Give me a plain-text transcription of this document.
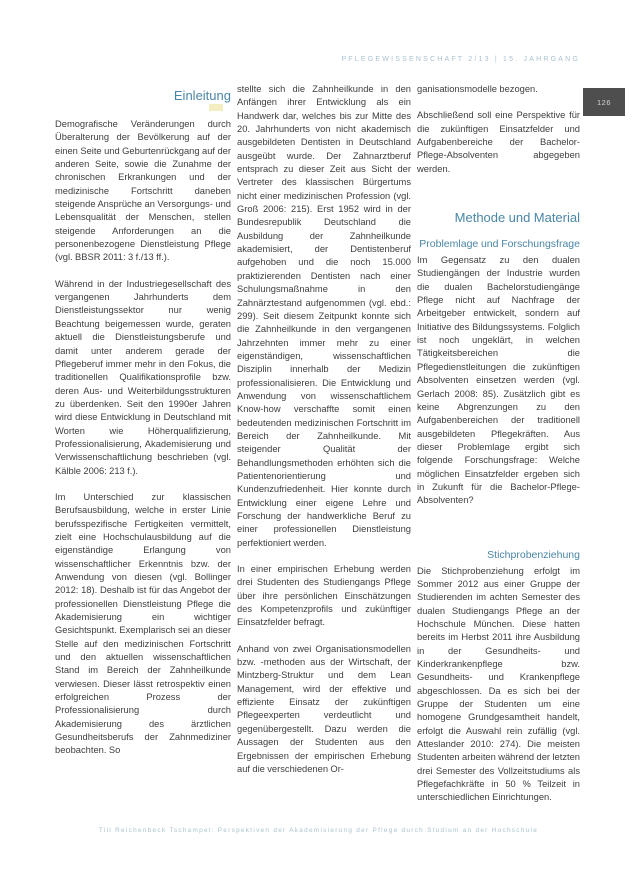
PFLEGEWISSENSCHAFT 2/13 | 15. JAHRGANG
126
Einleitung

Demografische Veränderungen durch Überalterung der Bevölkerung auf der einen Seite und Geburtenrückgang auf der anderen Seite, sowie die Zunahme der chronischen Erkrankungen und der medizinische Fortschritt daneben steigende Ansprüche an Versorgungs- und Lebensqualität der Menschen, stellen steigende Anforderungen an die personenbezogene Dienstleistung Pflege (vgl. BBSR 2011: 3 f./13 ff.).

Während in der Industriegesellschaft des vergangenen Jahrhunderts dem Dienstleistungssektor nur wenig Beachtung beigemessen wurde, geraten aktuell die Dienstleistungsberufe und damit unter anderem gerade der Pflegeberuf immer mehr in den Fokus, die traditionellen Qualifikationsprofile bzw. deren Aus- und Weiterbildungsstrukturen zu überdenken. Seit den 1990er Jahren wird diese Entwicklung in Deutschland mit Worten wie Höherqualifizierung, Professionalisierung, Akademisierung und Verwissenschaftlichung beschrieben (vgl. Kälble 2006: 213 f.).

Im Unterschied zur klassischen Berufsausbildung, welche in erster Linie berufsspezifische Fertigkeiten vermittelt, zielt eine Hochschulausbildung auf die eigenständige Erlangung von wissenschaftlicher Erkenntnis bzw. der Anwendung von diesen (vgl. Bollinger 2012: 18). Deshalb ist für das Angebot der professionellen Dienstleistung Pflege die Akademisierung ein wichtiger Gesichtspunkt. Exemplarisch sei an dieser Stelle auf den medizinischen Fortschritt und den aktuellen wissenschaftlichen Stand im Bereich der Zahnheilkunde verwiesen. Dieser lässt retrospektiv einen erfolgreichen Prozess der Professionalisierung durch Akademisierung des ärztlichen Gesundheitsberufs der Zahnmediziner beobachten. So

stellte sich die Zahnheilkunde in den Anfängen ihrer Entwicklung als ein Handwerk dar, welches bis zur Mitte des 20. Jahrhunderts von nicht akademisch ausgebildeten Dentisten in Deutschland ausgeübt wurde. Der Zahnarztberuf entsprach zu dieser Zeit aus Sicht der Vertreter des klassischen Bürgertums nicht einer medizinischen Profession (vgl. Groß 2006: 215). Erst 1952 wird in der Bundesrepublik Deutschland die Ausbildung der Zahnheilkunde akademisiert, der Dentistenberuf aufgehoben und die noch 15.000 praktizierenden Dentisten nach einer Schulungsmaßnahme in den Zahnärztestand aufgenommen (vgl. ebd.: 299). Seit diesem Zeitpunkt konnte sich die Zahnheilkunde in den vergangenen Jahrzehnten immer mehr zu einer eigenständigen, wissenschaftlichen Disziplin innerhalb der Medizin professionalisieren. Die Entwicklung und Anwendung von wissenschaftlichem Know-how verschaffte somit einen bedeutenden medizinischen Fortschritt im Bereich der Zahnheilkunde. Mit steigender Qualität der Behandlungsmethoden erhöhten sich die Patientenorientierung und Kundenzufriedenheit. Hier konnte durch Entwicklung einer eigene Lehre und Forschung der handwerkliche Beruf zu einer professionellen Dienstleistung perfektioniert werden.

In einer empirischen Erhebung werden drei Studenten des Studiengangs Pflege über ihre persönlichen Einschätzungen des Kompetenzprofils und zukünftiger Einsatzfelder befragt.

Anhand von zwei Organisationsmodellen bzw. -methoden aus der Wirtschaft, der Mintzberg-Struktur und dem Lean Management, wird der effektive und effiziente Einsatz der zukünftigen Pflegeexperten verdeutlicht und gegenübergestellt. Dazu werden die Aussagen der Studenten aus den Ergebnissen der empirischen Erhebung auf die verschiedenen Or-

ganisationsmodelle bezogen.

Abschließend soll eine Perspektive für die zukünftigen Einsatzfelder und Aufgabenbereiche der Bachelor-Pflege-Absolventen abgegeben werden.

Methode und Material
Problemlage und Forschungsfrage

Im Gegensatz zu den dualen Studiengängen der Industrie wurden die dualen Bachelorstudiengänge Pflege nicht auf Nachfrage der Arbeitgeber entwickelt, sondern auf Initiative des Bildungssystems. Folglich ist noch ungeklärt, in welchen Tätigkeitsbereichen die Pflegedienstleitungen die zukünftigen Absolventen einsetzen werden (vgl. Gerlach 2008: 85). Zusätzlich gibt es keine Abgrenzungen zu den Aufgabenbereichen der traditionell ausgebildeten Pflegekräften. Aus dieser Problemlage ergibt sich folgende Forschungsfrage: Welche möglichen Einsatzfelder ergeben sich in Zukunft für die Bachelor-Pflege-Absolventen?

Stichprobenziehung

Die Stichprobenziehung erfolgt im Sommer 2012 aus einer Gruppe der Studierenden im achten Semester des dualen Studiengangs Pflege an der Hochschule München. Diese hatten bereits im Herbst 2011 ihre Ausbildung in der Gesundheits- und Kinderkrankenpflege bzw. Gesundheits- und Krankenpflege abgeschlossen. Da es sich bei der Gruppe der Studenten um eine homogene Grundgesamtheit handelt, erfolgt die Auswahl rein zufällig (vgl. Atteslander 2010: 274). Die meisten Studenten arbeiten während der letzten drei Semester des Vollzeitstudiums als Pflegefachkräfte in 50 % Teilzeit in unterschiedlichen Einrichtungen.

Till Reichenbeck Tschampel: Perspektiven der Akademisierung der Pflege durch Studium an der Hochschule
